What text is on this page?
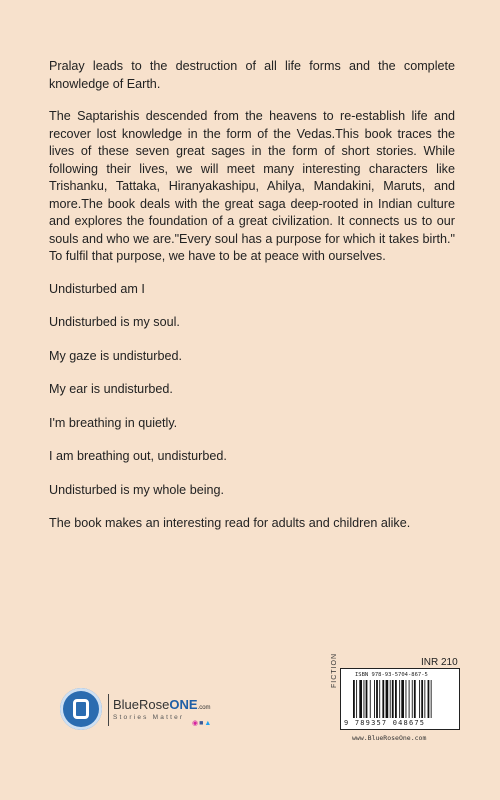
Pralay leads to the destruction of all life forms and the complete knowledge of Earth.

The Saptarishis descended from the heavens to re-establish life and recover lost knowledge in the form of the Vedas.This book traces the lives of these seven great sages in the form of short stories. While following their lives, we will meet many interesting characters like Trishanku, Tattaka, Hiranyakashipu, Ahilya, Mandakini, Maruts, and more.The book deals with the great saga deep-rooted in Indian culture and explores the foundation of a great civilization. It connects us to our souls and who we are."Every soul has a purpose for which it takes birth." To fulfil that purpose, we have to be at peace with ourselves.

Undisturbed am I

Undisturbed is my soul.

My gaze is undisturbed.

My ear is undisturbed.

I'm breathing in quietly.

I am breathing out, undisturbed.

Undisturbed is my whole being.

The book makes an interesting read for adults and children alike.

BlueRoseONE.com
Stories Matter
◉■▲
INR 210
FICTION	ISBN 978-93-5704-867-5
9 789357 048675
www.BlueRoseOne.com
